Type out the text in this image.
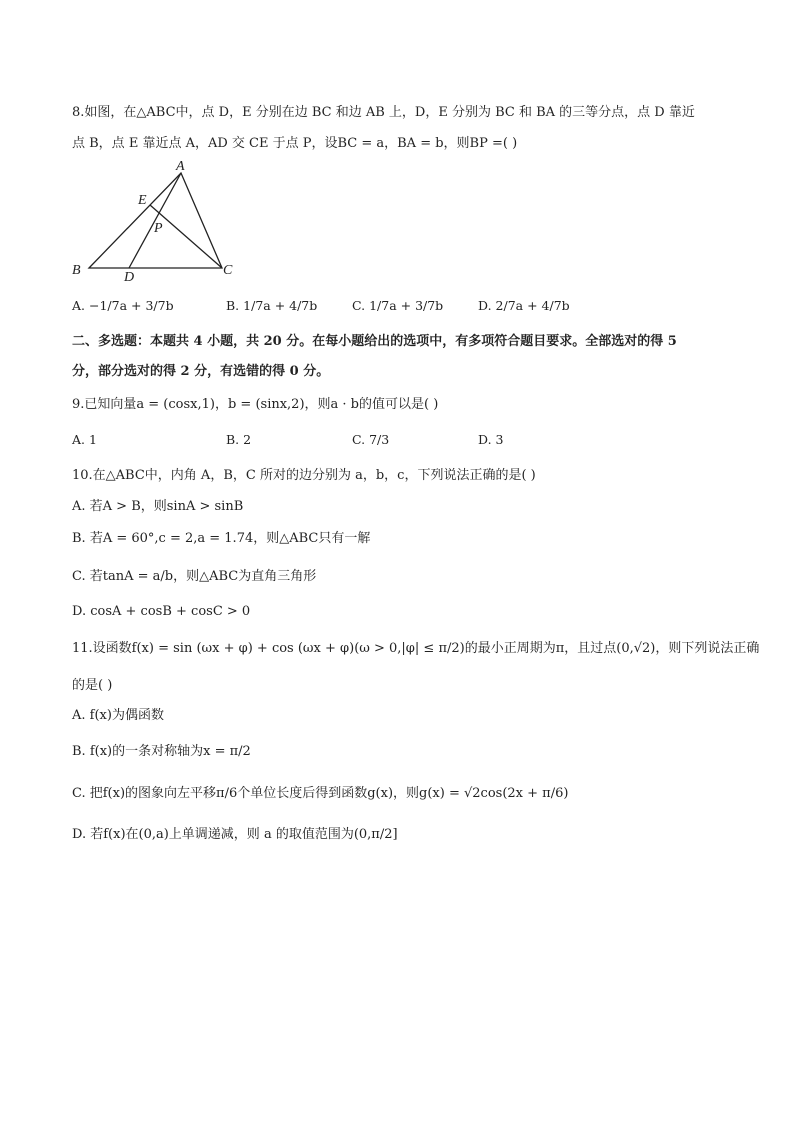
8.如图，在△ABC中，点 D，E 分别在边 BC 和边 AB 上，D，E 分别为 BC 和 BA 的三等分点，点 D 靠近
点 B，点 E 靠近点 A，AD 交 CE 于点 P，设BC = a，BA = b，则BP =( )
A
B	C
D
E
P
A. −1/7a + 3/7b	B. 1/7a + 4/7b	C. 1/7a + 3/7b	D. 2/7a + 4/7b
二、多选题：本题共 4 小题，共 20 分。在每小题给出的选项中，有多项符合题目要求。全部选对的得 5
分，部分选对的得 2 分，有选错的得 0 分。
9.已知向量a = (cosx,1)，b = (sinx,2)，则a · b的值可以是( )
A. 1	B. 2	C. 7/3	D. 3
10.在△ABC中，内角 A，B，C 所对的边分别为 a，b，c，下列说法正确的是( )
A. 若A > B，则sinA > sinB
B. 若A = 60°,c = 2,a = 1.74，则△ABC只有一解
C. 若tanA = a/b，则△ABC为直角三角形
D. cosA + cosB + cosC > 0
11.设函数f(x) = sin (ωx + φ) + cos (ωx + φ)(ω > 0,|φ| ≤ π/2)的最小正周期为π，且过点(0,√2)，则下列说法正确
的是( )
A. f(x)为偶函数
B. f(x)的一条对称轴为x = π/2
C. 把f(x)的图象向左平移π/6个单位长度后得到函数g(x)，则g(x) = √2cos(2x + π/6)
D. 若f(x)在(0,a)上单调递减，则 a 的取值范围为(0,π/2]
